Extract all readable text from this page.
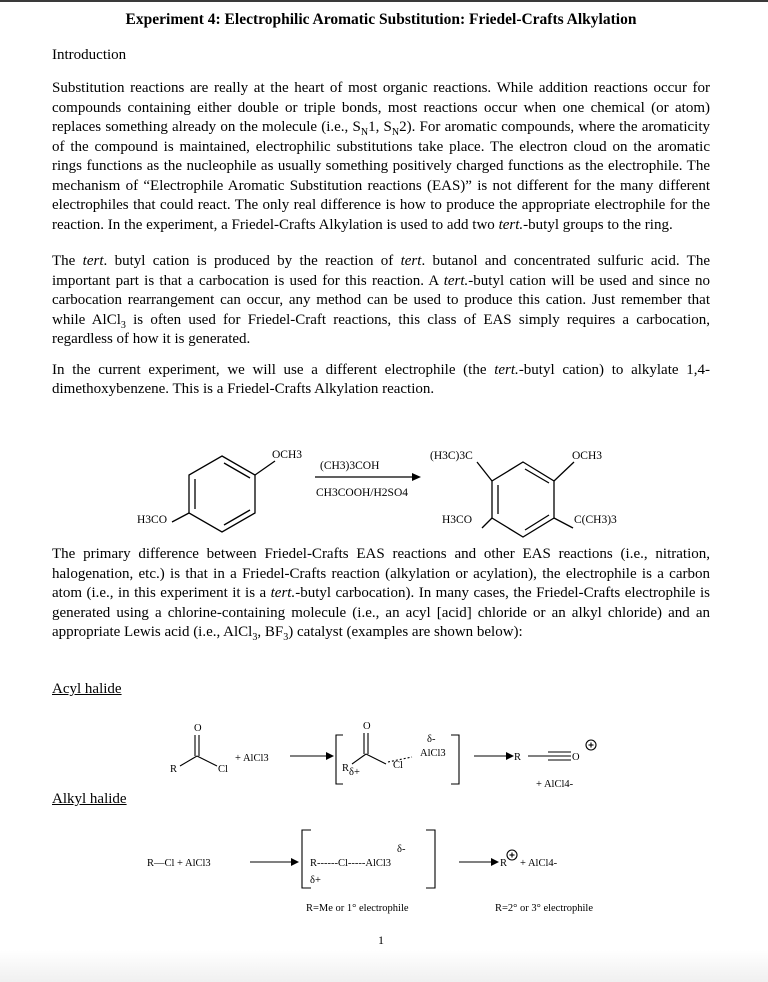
Experiment 4: Electrophilic Aromatic Substitution: Friedel-Crafts Alkylation
Introduction

Substitution reactions are really at the heart of most organic reactions. While addition reactions occur for compounds containing either double or triple bonds, most reactions occur when one chemical (or atom) replaces something already on the molecule (i.e., $S_N1$, $S_N2$). For aromatic compounds, where the aromaticity of the compound is maintained, electrophilic substitutions take place. The electron cloud on the aromatic rings functions as the nucleophile as usually something positively charged functions as the electrophile. The mechanism of “Electrophile Aromatic Substitution reactions (EAS)” is not different for the many different electrophiles that could react. The only real difference is how to produce the appropriate electrophile for the reaction. In the experiment, a Friedel-Crafts Alkylation is used to add two tert.-butyl groups to the ring.

The tert. butyl cation is produced by the reaction of tert. butanol and concentrated sulfuric acid. The important part is that a carbocation is used for this reaction. A tert.-butyl cation will be used and since no carbocation rearrangement can occur, any method can be used to produce this cation. Just remember that while AlCl$_3$ is often used for Friedel-Craft reactions, this class of EAS simply requires a carbocation, regardless of how it is generated.

In the current experiment, we will use a different electrophile (the tert.-butyl cation) to alkylate 1,4-dimethoxybenzene. This is a Friedel-Crafts Alkylation reaction.

OCH3
H3CO
(CH3)3COH
CH3COOH/H2SO4
(H3C)3C	OCH3
H3CO	C(CH3)3

The primary difference between Friedel-Crafts EAS reactions and other EAS reactions (i.e., nitration, halogenation, etc.) is that in a Friedel-Crafts reaction (alkylation or acylation), the electrophile is a carbon atom (i.e., in this experiment it is a tert.-butyl carbocation). In many cases, the Friedel-Crafts electrophile is generated using a chlorine-containing molecule (i.e., an acyl [acid] chloride or an alkyl chloride) and an appropriate Lewis acid (i.e., AlCl$_3$, $BF_3$) catalyst (examples are shown below):

Acyl halide
Alkyl halide
O
R	Cl
+ AlCl3
O
R δ+
Cl
δ-
AlCl3	R	O
+ AlCl4-
R—Cl + AlCl3
δ-
R------Cl-----AlCl3
δ+
R + AlCl4-
R=Me or 1° electrophile	R=2° or 3° electrophile
1
